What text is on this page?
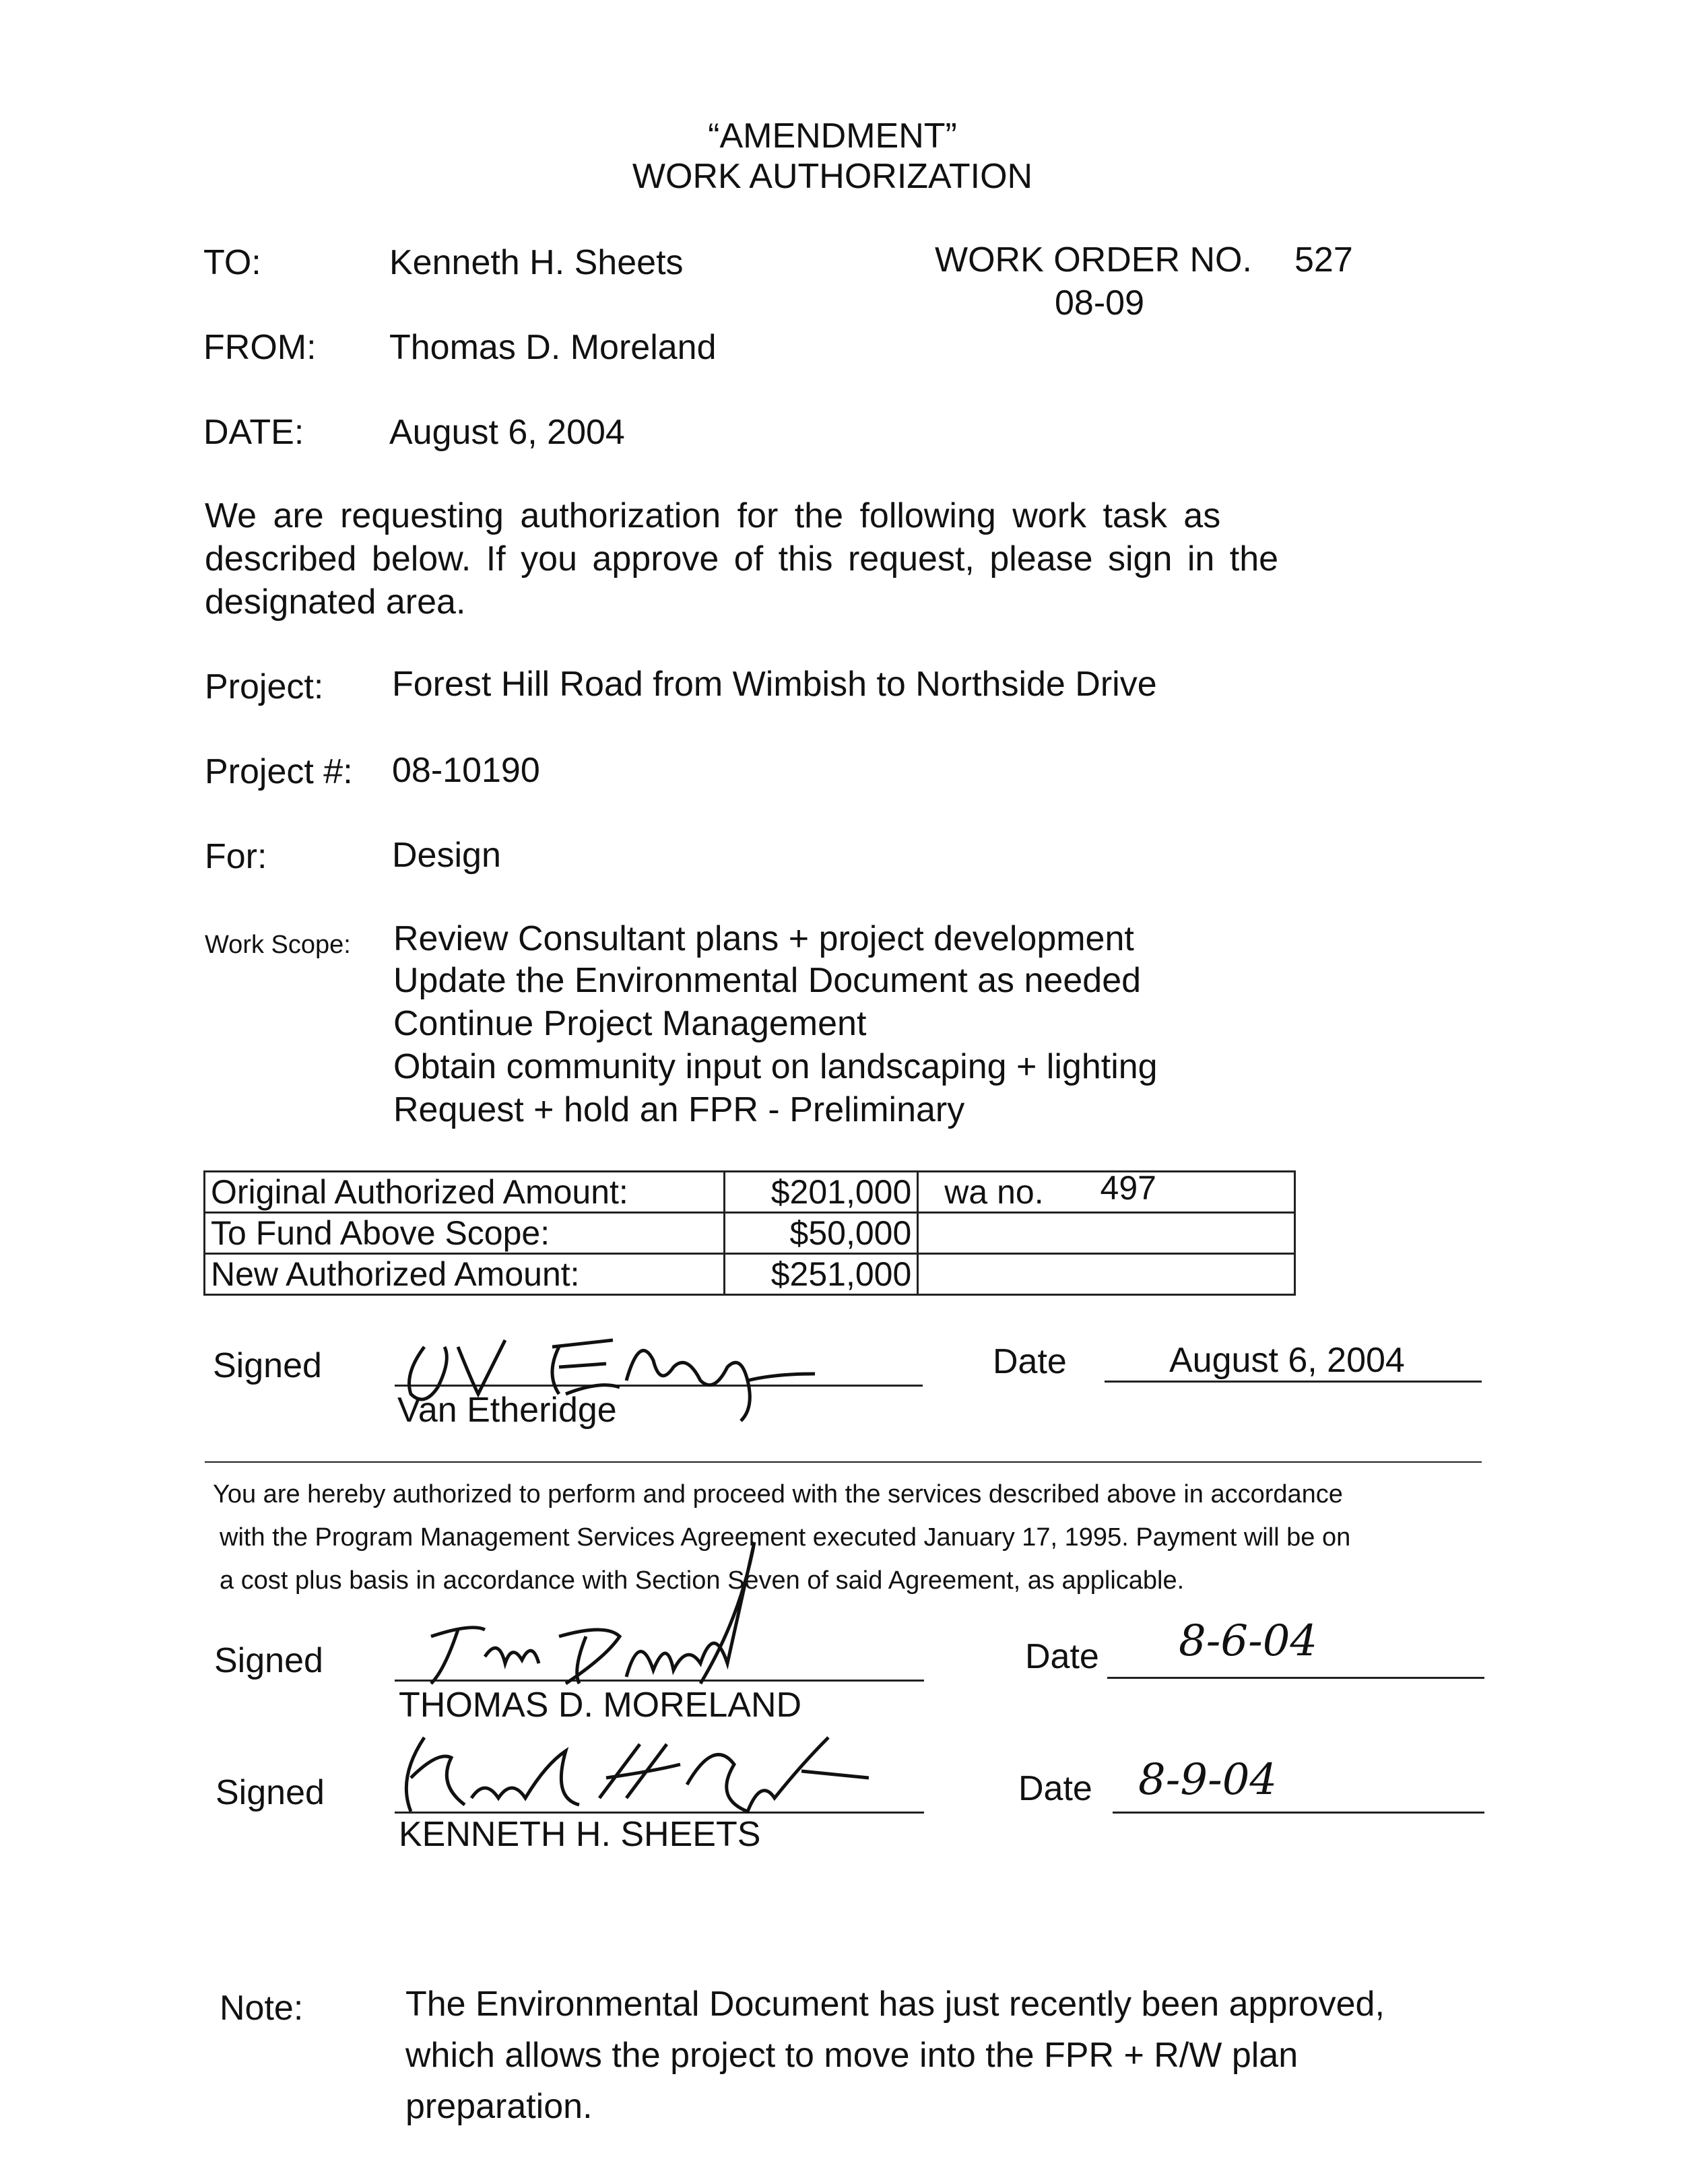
“AMENDMENT”
WORK AUTHORIZATION
TO:	Kenneth H. Sheets	WORK ORDER NO. 527
08-09
FROM: Thomas D. Moreland
DATE: August 6, 2004
We are requesting authorization for the following work task as
described below. If you approve of this request, please sign in the
designated area.
Project: Forest Hill Road from Wimbish to Northside Drive
Project #: 08-10190
For:	Design
Work Scope: Review Consultant plans + project development
Update the Environmental Document as needed
Continue Project Management
Obtain community input on landscaping + lighting
Request + hold an FPR - Preliminary
Original Authorized Amount:	$201,000	wa no. 497
To Fund Above Scope:	$50,000	
New Authorized Amount:	$251,000	
Signed
Van Etheridge
Date	August 6, 2004
You are hereby authorized to perform and proceed with the services described above in accordance
with the Program Management Services Agreement executed January 17, 1995. Payment will be on
a cost plus basis in accordance with Section Seven of said Agreement, as applicable.
Signed
THOMAS D. MORELAND
Date 8-6-04
Signed
KENNETH H. SHEETS
Date 8-9-04
Note:	The Environmental Document has just recently been approved,
which allows the project to move into the FPR + R/W plan
preparation.
